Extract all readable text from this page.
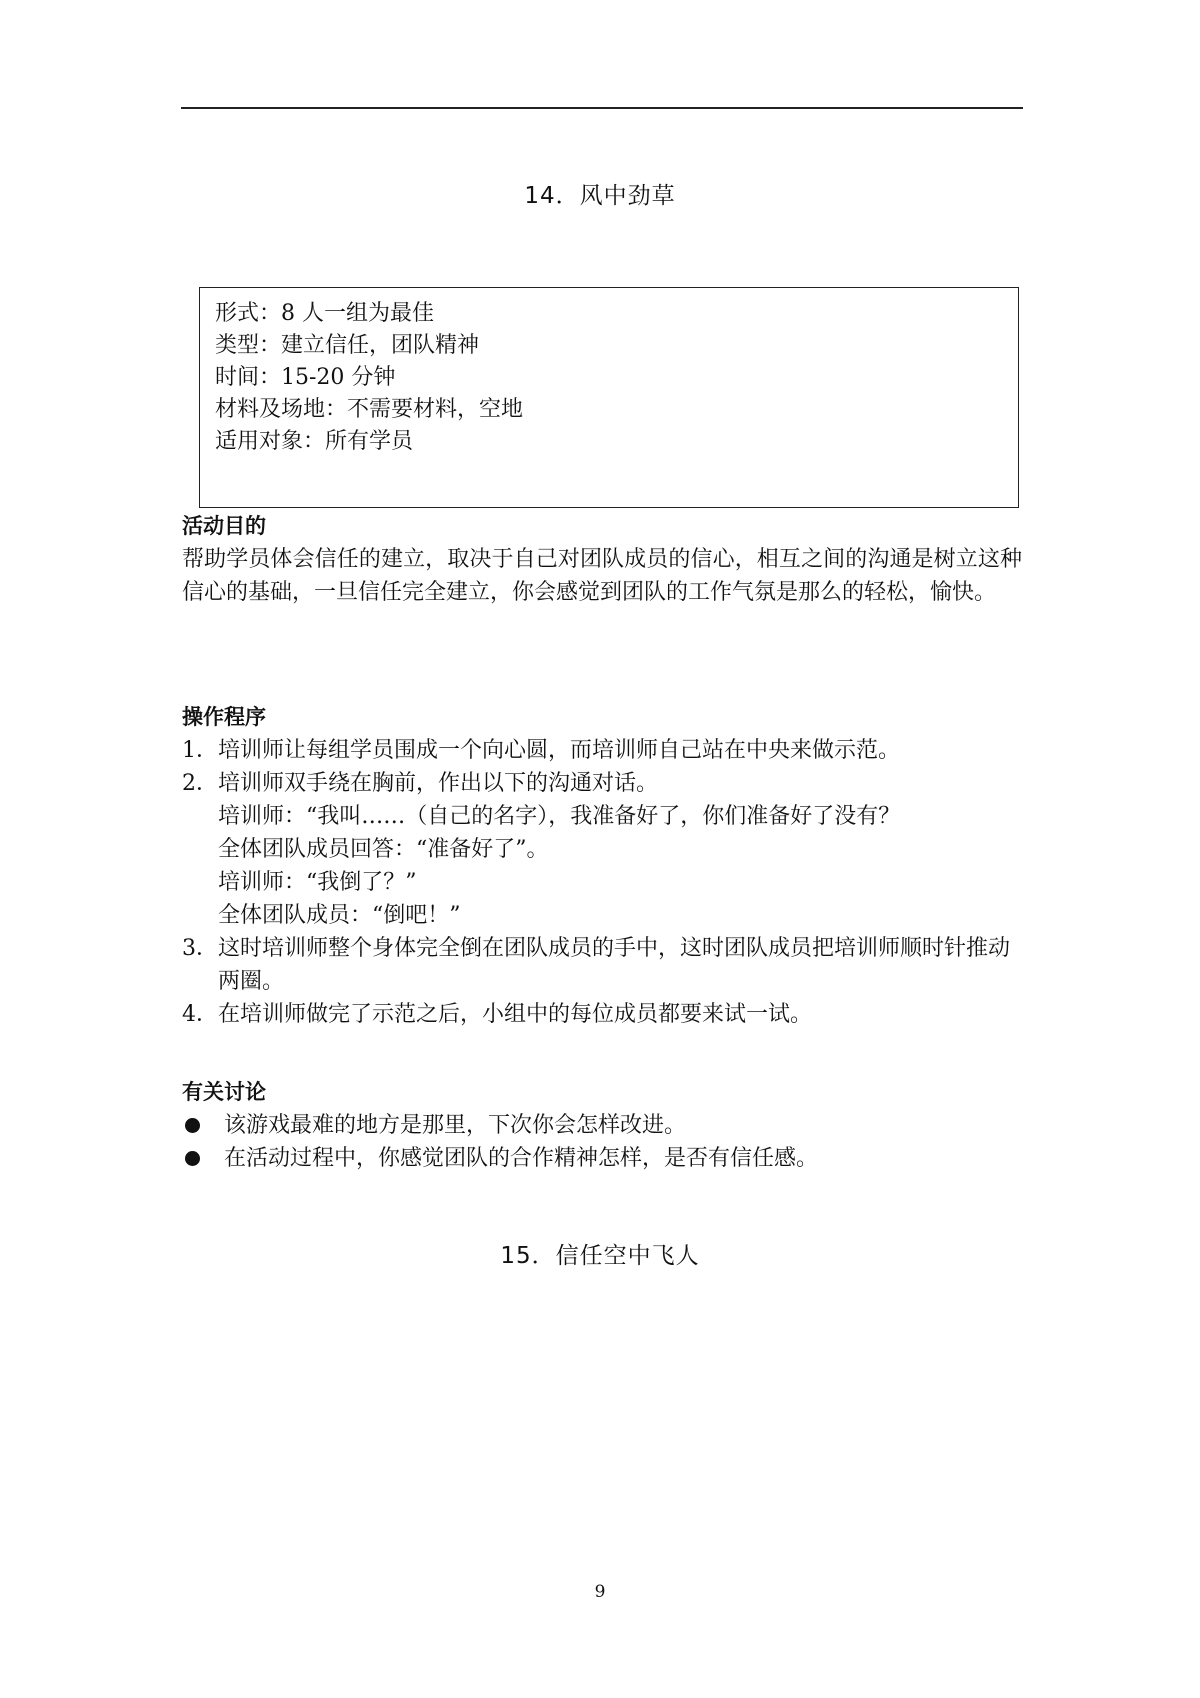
14．风中劲草
形式：8 人一组为最佳
类型：建立信任，团队精神
时间：15-20 分钟
材料及场地：不需要材料，空地
适用对象：所有学员
活动目的
帮助学员体会信任的建立，取决于自己对团队成员的信心，相互之间的沟通是树立这种信心的基础，一旦信任完全建立，你会感觉到团队的工作气氛是那么的轻松，愉快。
操作程序
1． 培训师让每组学员围成一个向心圆，而培训师自己站在中央来做示范。
2． 培训师双手绕在胸前，作出以下的沟通对话。
培训师：“我叫……（自己的名字），我准备好了，你们准备好了没有？
全体团队成员回答：“准备好了”。
培训师：“我倒了？”
全体团队成员：“倒吧！”
3． 这时培训师整个身体完全倒在团队成员的手中，这时团队成员把培训师顺时针推动两圈。
4． 在培训师做完了示范之后，小组中的每位成员都要来试一试。
有关讨论
该游戏最难的地方是那里，下次你会怎样改进。
在活动过程中，你感觉团队的合作精神怎样，是否有信任感。
15．信任空中飞人
9
